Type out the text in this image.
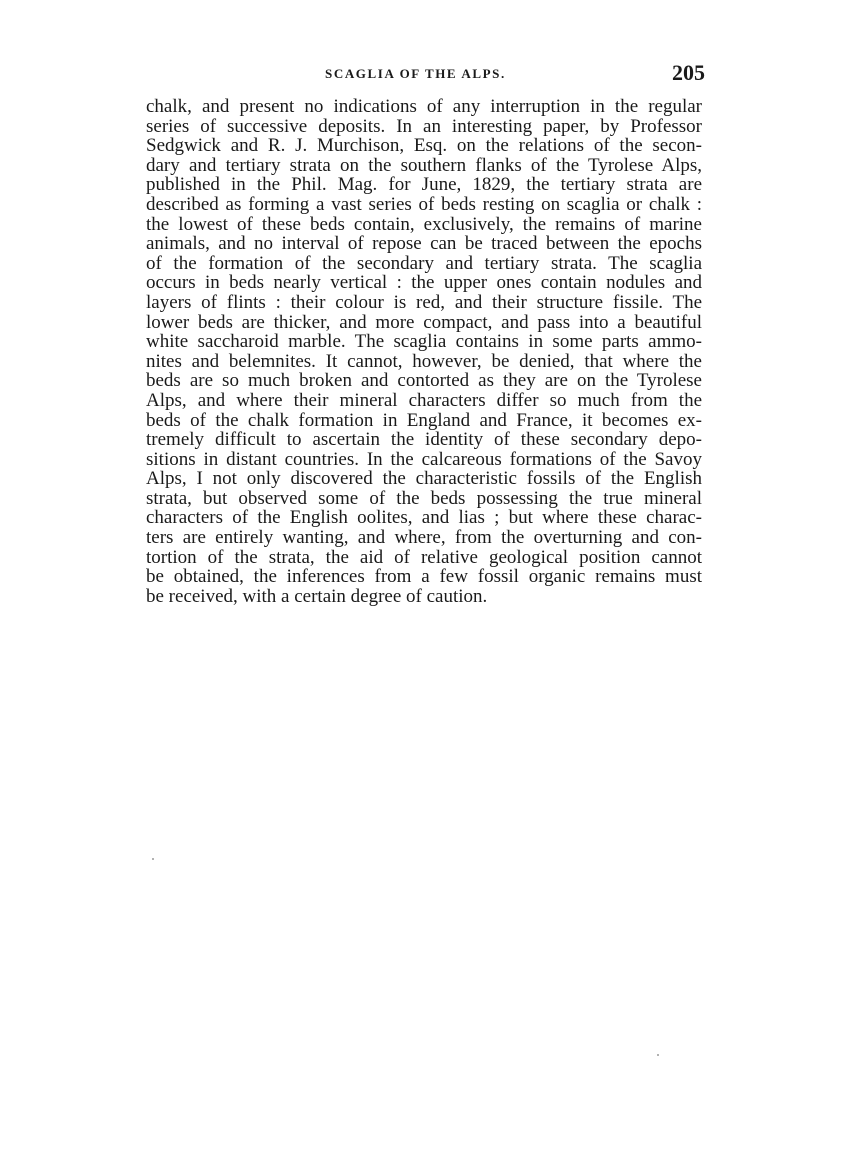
SCAGLIA OF THE ALPS.	205
chalk, and present no indications of any interruption in the regular
series of successive deposits. In an interesting paper, by Professor
Sedgwick and R. J. Murchison, Esq. on the relations of the secon-
dary and tertiary strata on the southern flanks of the Tyrolese Alps,
published in the Phil. Mag. for June, 1829, the tertiary strata are
described as forming a vast series of beds resting on scaglia or chalk :
the lowest of these beds contain, exclusively, the remains of marine
animals, and no interval of repose can be traced between the epochs
of the formation of the secondary and tertiary strata. The scaglia
occurs in beds nearly vertical : the upper ones contain nodules and
layers of flints : their colour is red, and their structure fissile. The
lower beds are thicker, and more compact, and pass into a beautiful
white saccharoid marble. The scaglia contains in some parts ammo-
nites and belemnites. It cannot, however, be denied, that where the
beds are so much broken and contorted as they are on the Tyrolese
Alps, and where their mineral characters differ so much from the
beds of the chalk formation in England and France, it becomes ex-
tremely difficult to ascertain the identity of these secondary depo-
sitions in distant countries. In the calcareous formations of the Savoy
Alps, I not only discovered the characteristic fossils of the English
strata, but observed some of the beds possessing the true mineral
characters of the English oolites, and lias ; but where these charac-
ters are entirely wanting, and where, from the overturning and con-
tortion of the strata, the aid of relative geological position cannot
be obtained, the inferences from a few fossil organic remains must
be received, with a certain degree of caution.
